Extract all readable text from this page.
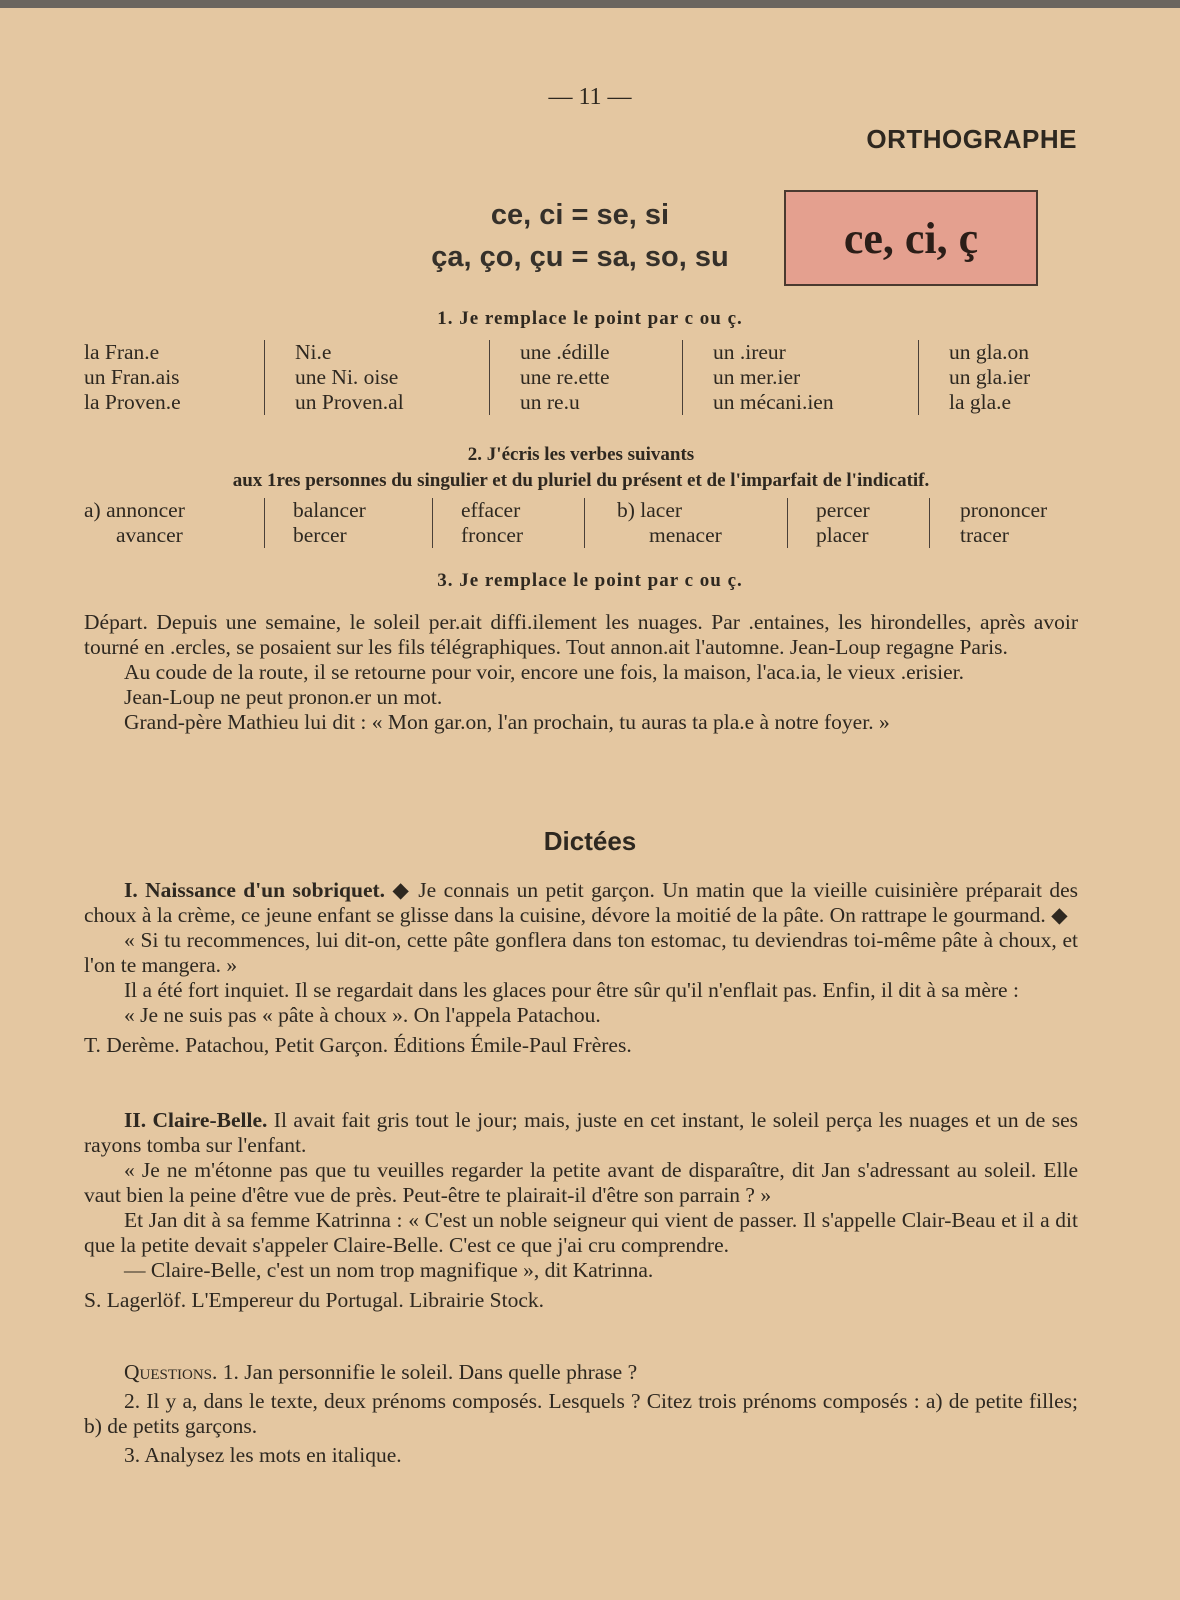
— 11 —
ORTHOGRAPHE
ce, ci = se, si
ça, ço, çu = sa, so, su	ce, ci, ç
1. Je remplace le point par c ou ç.
la Fran.e
un Fran.ais
la Proven.e
Ni.e
une Ni. oise
un Proven.al
une .édille
une re.ette
un re.u
un .ireur
un mer.ier
un mécani.ien
un gla.on
un gla.ier
la gla.e
2. J'écris les verbes suivants
aux 1res personnes du singulier et du pluriel du présent et de l'imparfait de l'indicatif.
a) annoncer
avancer
balancer
bercer
effacer
froncer
b) lacer
menacer
percer
placer
prononcer
tracer
3. Je remplace le point par c ou ç.

Départ. Depuis une semaine, le soleil per.ait diffi.ilement les nuages. Par .entaines, les hirondelles, après avoir tourné en .ercles, se posaient sur les fils télégraphiques. Tout annon.ait l'automne. Jean-Loup regagne Paris.

Au coude de la route, il se retourne pour voir, encore une fois, la maison, l'aca.ia, le vieux .erisier.

Jean-Loup ne peut pronon.er un mot.

Grand-père Mathieu lui dit : « Mon gar.on, l'an prochain, tu auras ta pla.e à notre foyer. »

Dictées

I. Naissance d'un sobriquet. ◆ Je connais un petit garçon. Un matin que la vieille cuisinière préparait des choux à la crème, ce jeune enfant se glisse dans la cuisine, dévore la moitié de la pâte. On rattrape le gourmand. ◆

« Si tu recommences, lui dit-on, cette pâte gonflera dans ton estomac, tu deviendras toi-même pâte à choux, et l'on te mangera. »

Il a été fort inquiet. Il se regardait dans les glaces pour être sûr qu'il n'enflait pas. Enfin, il dit à sa mère :

« Je ne suis pas « pâte à choux ». On l'appela Patachou.

T. Derème. Patachou, Petit Garçon. Éditions Émile-Paul Frères.

II. Claire-Belle. Il avait fait gris tout le jour; mais, juste en cet instant, le soleil perça les nuages et un de ses rayons tomba sur l'enfant.

« Je ne m'étonne pas que tu veuilles regarder la petite avant de disparaître, dit Jan s'adressant au soleil. Elle vaut bien la peine d'être vue de près. Peut-être te plairait-il d'être son parrain ? »

Et Jan dit à sa femme Katrinna : « C'est un noble seigneur qui vient de passer. Il s'appelle Clair-Beau et il a dit que la petite devait s'appeler Claire-Belle. C'est ce que j'ai cru comprendre.

— Claire-Belle, c'est un nom trop magnifique », dit Katrinna.

S. Lagerlöf. L'Empereur du Portugal. Librairie Stock.

Questions. 1. Jan personnifie le soleil. Dans quelle phrase ?

2. Il y a, dans le texte, deux prénoms composés. Lesquels ? Citez trois prénoms composés : a) de petite filles; b) de petits garçons.

3. Analysez les mots en italique.
